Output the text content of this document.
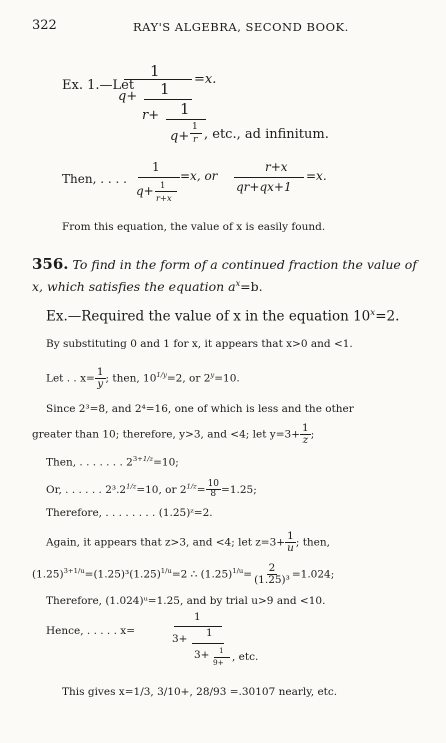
322	RAY'S ALGEBRA, SECOND BOOK.
Ex. 1.—Let
1	=x.
q+ 1
r+ 1
q+
1
r , etc., ad infinitum.
Then, . . . .
1
=x, or
q+ 1
r+x
r+x
qr+qx+1
=x.
From this equation, the value of x is easily found.
356. To find in the form of a continued fraction the value of x, which satisfies the equation $a^x=b$.
Ex.—Required the value of x in the equation $10^x=2$.
By substituting 0 and 1 for x, it appears that x>0 and <1.
Let . . $x= \frac{1}{y}$ ; then, $10^{1/y}=2$, or $2^y=10$.
Since 2³=8, and 2⁴=16, one of which is less and the other
greater than 10; therefore, y>3, and <4; let $y=3+ \frac{1}{z}$ ;
Then, . . . . . . . $2^{3+1/z}=10$;
Or, . . . . . . $2^3.2^{1/z}=10$, or $2^{1/z}= \frac{10}{8} =1.25$;
Therefore, . . . . . . . . (1.25)ᶻ=2.
Again, it appears that z>3, and <4; let $z=3+ \frac{1}{u}$ ; then,
$(1.25)^{3+1/u}=(1.25)^3(1.25)^{1/u}=2$ ∴ $(1.25)^{1/u}= \frac{2}{\text{(1.25)³}} =1.024$;
Therefore, (1.024)ᵘ=1.25, and by trial u>9 and <10.
Hence, . . . . . x=
1
3+ 1
3+ 1
9+ , etc.
This gives x=1/3, 3/10+, 28/93 =.30107 nearly, etc.
